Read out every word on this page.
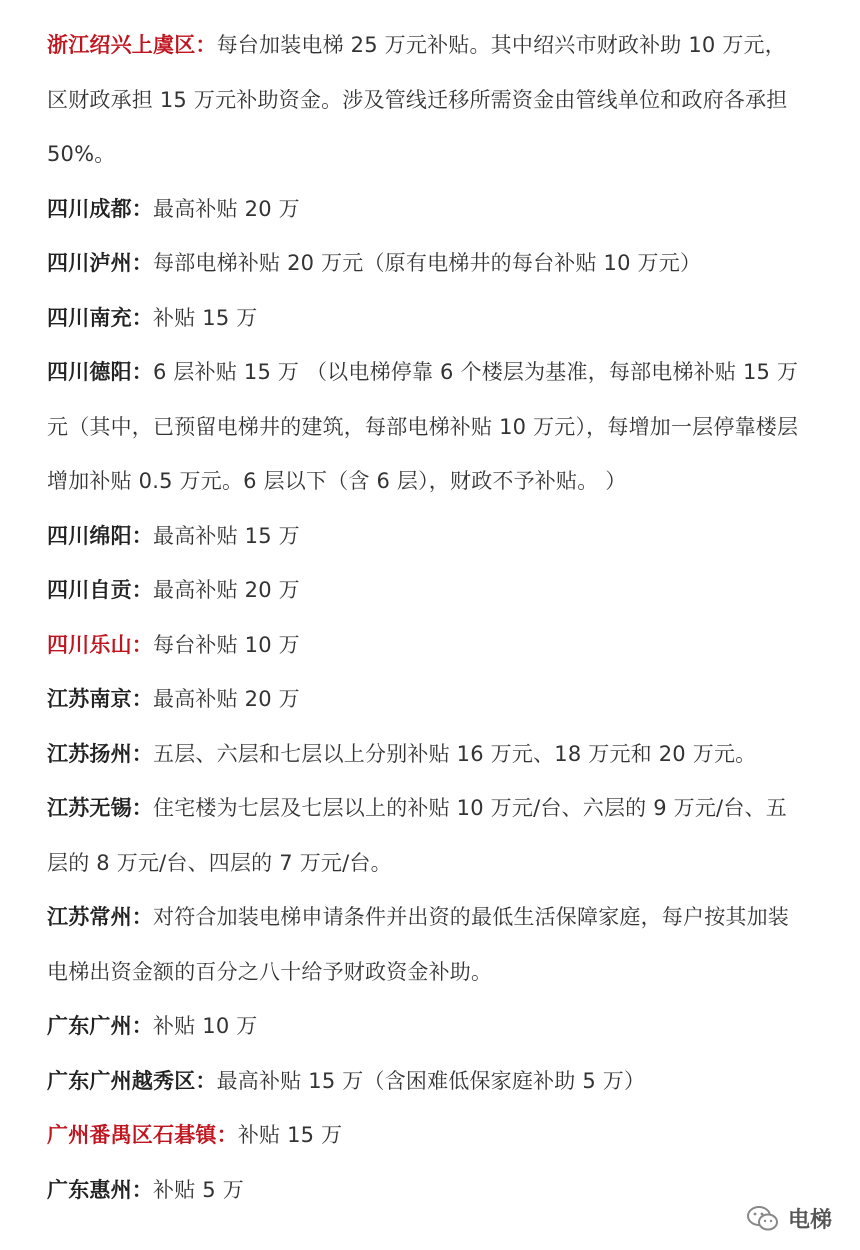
浙江绍兴上虞区：每台加装电梯 25 万元补贴。其中绍兴市财政补助 10 万元，区财政承担 15 万元补助资金。涉及管线迁移所需资金由管线单位和政府各承担 50%。

四川成都：最高补贴 20 万

四川泸州：每部电梯补贴 20 万元（原有电梯井的每台补贴 10 万元）

四川南充：补贴 15 万

四川德阳：6 层补贴 15 万 （以电梯停靠 6 个楼层为基准，每部电梯补贴 15 万元（其中，已预留电梯井的建筑，每部电梯补贴 10 万元），每增加一层停靠楼层增加补贴 0.5 万元。6 层以下（含 6 层），财政不予补贴。 ）

四川绵阳：最高补贴 15 万

四川自贡：最高补贴 20 万

四川乐山：每台补贴 10 万

江苏南京：最高补贴 20 万

江苏扬州：五层、六层和七层以上分别补贴 16 万元、18 万元和 20 万元。

江苏无锡：住宅楼为七层及七层以上的补贴 10 万元/台、六层的 9 万元/台、五层的 8 万元/台、四层的 7 万元/台。

江苏常州：对符合加装电梯申请条件并出资的最低生活保障家庭，每户按其加装电梯出资金额的百分之八十给予财政资金补助。

广东广州：补贴 10 万

广东广州越秀区：最高补贴 15 万（含困难低保家庭补助 5 万）

广州番禺区石碁镇：补贴 15 万

广东惠州：补贴 5 万

电梯
